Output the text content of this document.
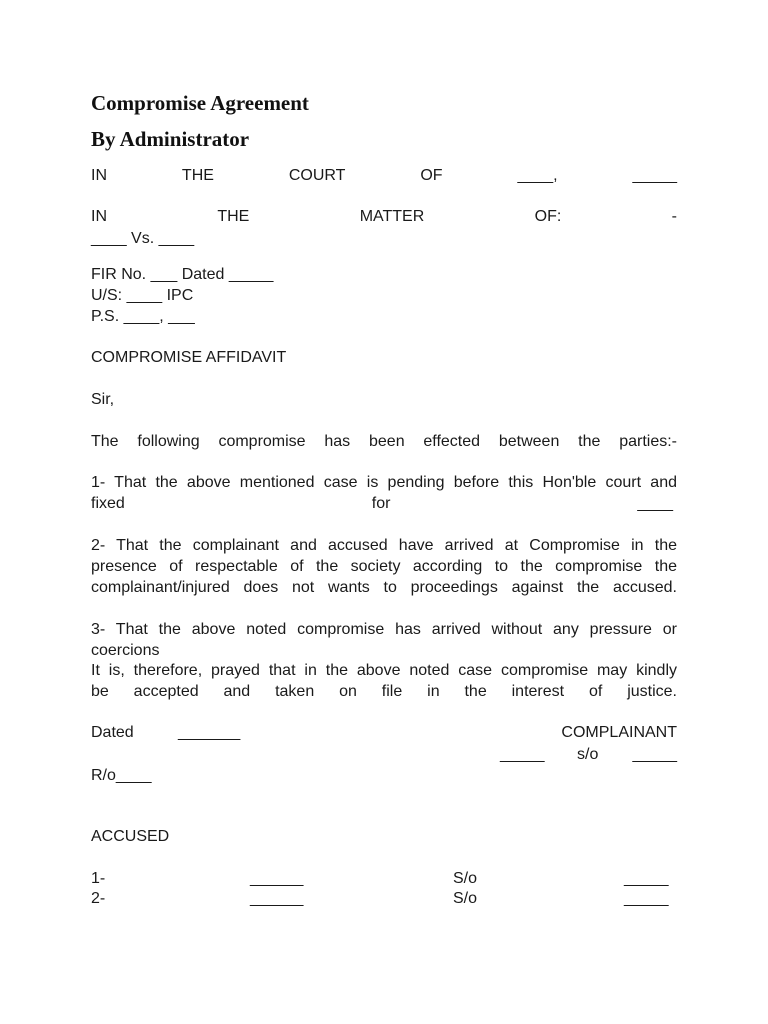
Compromise Agreement
By Administrator
IN	THE	COURT	OF	____,	_____
IN	THE	MATTER	OF:	-
____ Vs. ____
FIR No. ___ Dated _____
U/S: ____ IPC
P.S. ____, ___
COMPROMISE AFFIDAVIT
Sir,
The following compromise has been effected between the parties:-
1- That the above mentioned case is pending before this Hon'ble court and
fixed	for	____
2- That the complainant and accused have arrived at Compromise in the
presence of respectable of the society according to the compromise the
complainant/injured does not wants to proceedings against the accused.
3- That the above noted compromise has arrived without any pressure or
coercions
It is, therefore, prayed that in the above noted case compromise may kindly
be accepted and taken on file in the interest of justice.
Dated	_______	COMPLAINANT
_____ s/o _____
R/o____
ACCUSED
1-	______	S/o	_____
2-	______	S/o	_____
